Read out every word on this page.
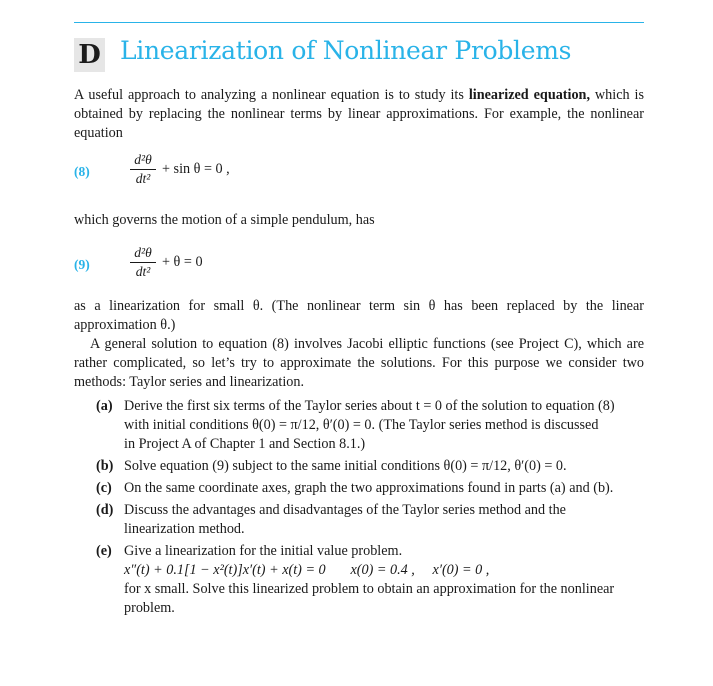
D Linearization of Nonlinear Problems
A useful approach to analyzing a nonlinear equation is to study its linearized equation, which is obtained by replacing the nonlinear terms by linear approximations. For example, the nonlinear equation
(8)
d²θ
dt²
+ sin θ = 0 ,
which governs the motion of a simple pendulum, has
(9)
d²θ
dt²
+ θ = 0
as a linearization for small θ. (The nonlinear term sin θ has been replaced by the linear approximation θ.)
A general solution to equation (8) involves Jacobi elliptic functions (see Project C), which are rather complicated, so let’s try to approximate the solutions. For this purpose we consider two methods: Taylor series and linearization.
(a) Derive the first six terms of the Taylor series about t = 0 of the solution to equation (8)
with initial conditions θ(0) = π/12, θ′(0) = 0. (The Taylor series method is discussed
in Project A of Chapter 1 and Section 8.1.)
(b) Solve equation (9) subject to the same initial conditions θ(0) = π/12, θ′(0) = 0.
(c) On the same coordinate axes, graph the two approximations found in parts (a) and (b).
(d) Discuss the advantages and disadvantages of the Taylor series method and the
linearization method.
(e) Give a linearization for the initial value problem.
x″(t) + 0.1[1 − x²(t)]x′(t) + x(t) = 0       x(0) = 0.4 ,     x′(0) = 0 ,
for x small. Solve this linearized problem to obtain an approximation for the nonlinear
problem.
